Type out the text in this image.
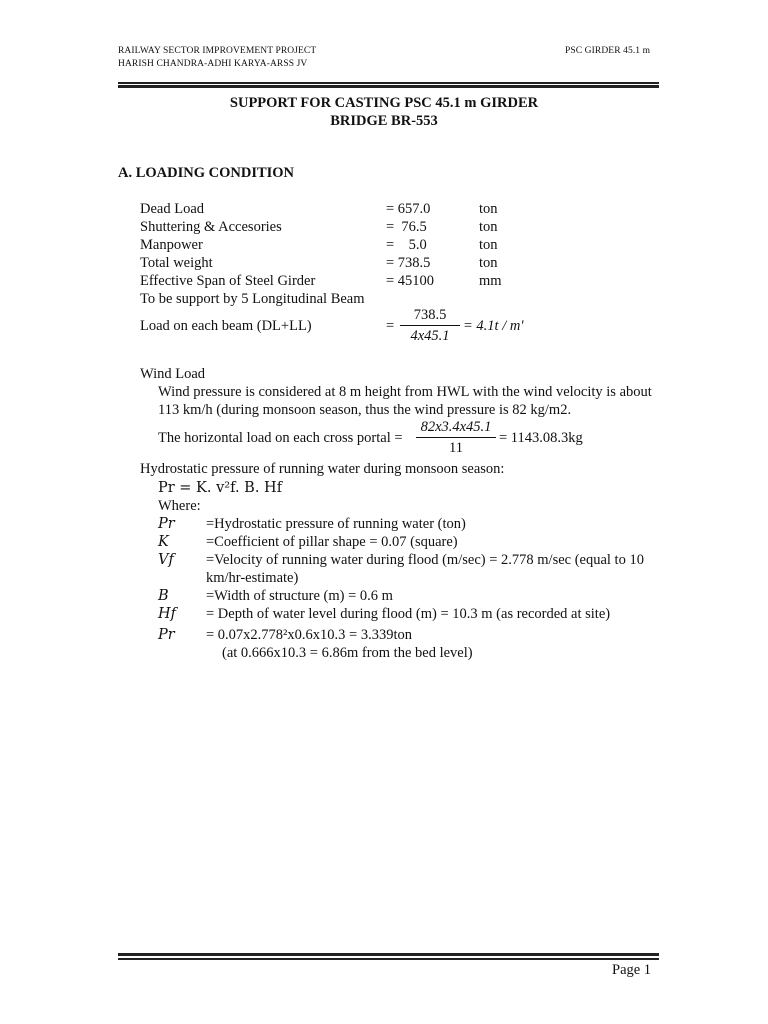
RAILWAY SECTOR IMPROVEMENT PROJECT
HARISH CHANDRA-ADHI KARYA-ARSS JV
PSC GIRDER 45.1 m
SUPPORT FOR CASTING PSC 45.1 m GIRDER
BRIDGE BR-553
A. LOADING CONDITION
Dead Load	= 657.0	ton
Shuttering & Accesories	=  76.5	ton
Manpower	=    5.0	ton
Total weight	= 738.5	ton
Effective Span of Steel Girder	= 45100	mm
To be support by 5 Longitudinal Beam
Load on each beam (DL+LL)	=
738.5
4x45.1
= 4.1t / m'
Wind Load
Wind pressure is considered at 8 m height from HWL with the wind velocity is about
113 km/h (during monsoon season, thus the wind pressure is 82 kg/m2.
The horizontal load on each cross portal =
82x3.4x45.1
11
= 1143.08.3kg
Hydrostatic pressure of running water during monsoon season:
Pr = K. v²f. B. Hf
Where:
Pr =Hydrostatic pressure of running water (ton)
K	=Coefficient of pillar shape = 0.07 (square)
Vf =Velocity of running water during flood (m/sec) = 2.778 m/sec (equal to 10
km/hr-estimate)
B	=Width of structure (m) = 0.6 m
Hf = Depth of water level during flood (m) = 10.3 m (as recorded at site)
Pr = 0.07x2.778²x0.6x10.3 = 3.339ton
(at 0.666x10.3 = 6.86m from the bed level)
Page 1
